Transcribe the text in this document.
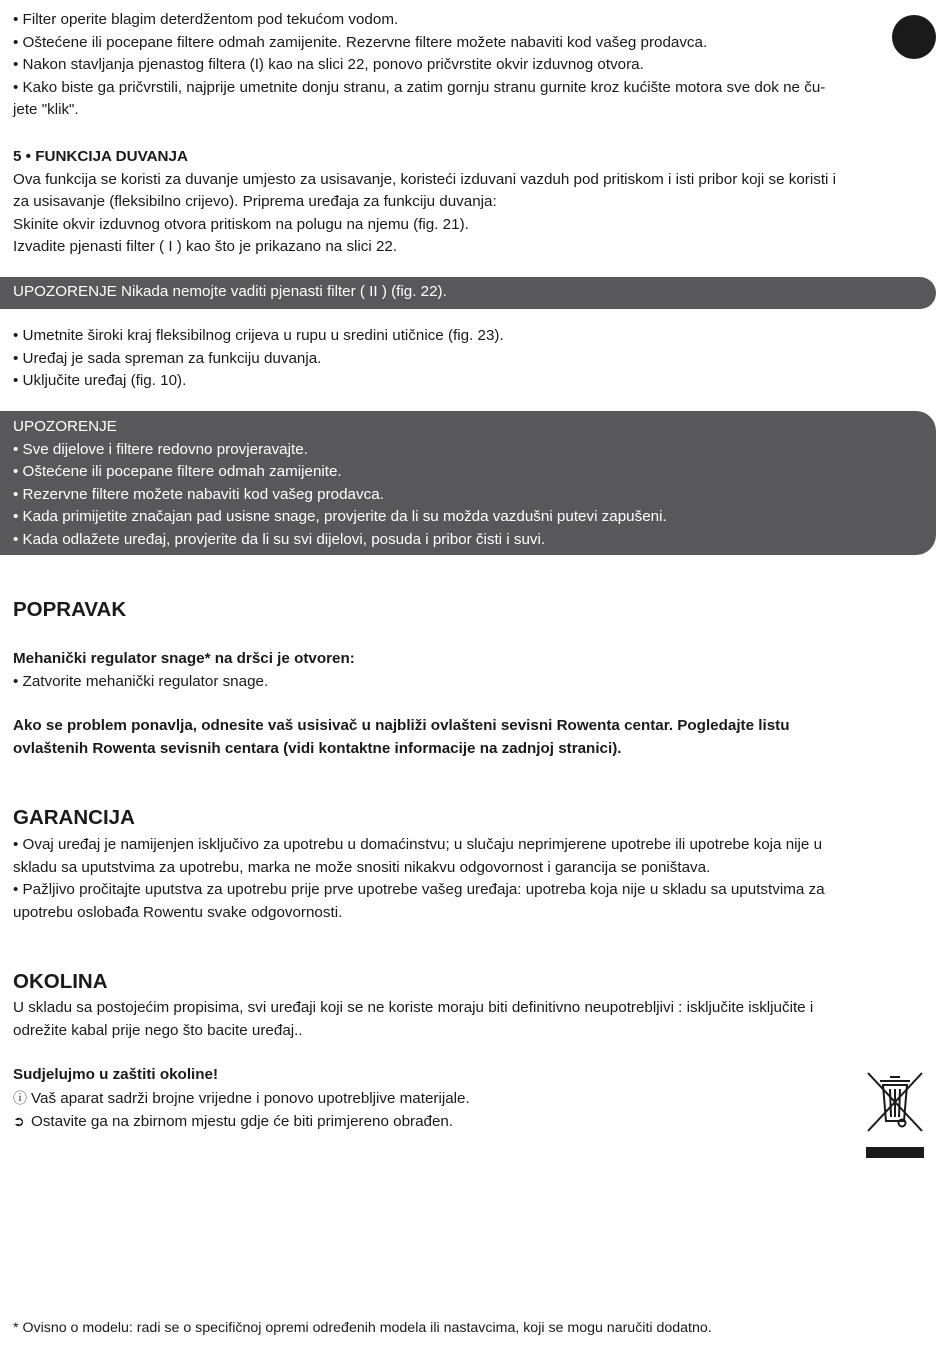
• Filter operite blagim deterdžentom pod tekućom vodom.
• Oštećene ili pocepane filtere odmah zamijenite. Rezervne filtere možete nabaviti kod vašeg prodavca.
• Nakon stavljanja pjenastog filtera (I) kao na slici 22, ponovo pričvrstite okvir izduvnog otvora.
• Kako biste ga pričvrstili, najprije umetnite donju stranu, a zatim gornju stranu gurnite kroz kućište motora sve dok ne ču-
jete "klik".
5 • FUNKCIJA DUVANJA
Ova funkcija se koristi za duvanje umjesto za usisavanje, koristeći izduvani vazduh pod pritiskom i isti pribor koji se koristi i
za usisavanje (fleksibilno crijevo). Priprema uređaja za funkciju duvanja:
Skinite okvir izduvnog otvora pritiskom na polugu na njemu (fig. 21).
Izvadite pjenasti filter ( I ) kao što je prikazano na slici 22.
UPOZORENJE Nikada nemojte vaditi pjenasti filter ( II ) (fig. 22).
• Umetnite široki kraj fleksibilnog crijeva u rupu u sredini utičnice (fig. 23).
• Uređaj je sada spreman za funkciju duvanja.
• Uključite uređaj (fig. 10).
UPOZORENJE
• Sve dijelove i filtere redovno provjeravajte.
• Oštećene ili pocepane filtere odmah zamijenite.
• Rezervne filtere možete nabaviti kod vašeg prodavca.
• Kada primijetite značajan pad usisne snage, provjerite da li su možda vazdušni putevi zapušeni.
• Kada odlažete uređaj, provjerite da li su svi dijelovi, posuda i pribor čisti i suvi.
POPRAVAK
Mehanički regulator snage* na dršci je otvoren:
• Zatvorite mehanički regulator snage.
Ako se problem ponavlja, odnesite vaš usisivač u najbliži ovlašteni sevisni Rowenta centar. Pogledajte listu
ovlaštenih Rowenta sevisnih centara (vidi kontaktne informacije na zadnjoj stranici).
GARANCIJA
• Ovaj uređaj je namijenjen isključivo za upotrebu u domaćinstvu; u slučaju neprimjerene upotrebe ili upotrebe koja nije u
skladu sa uputstvima za upotrebu, marka ne može snositi nikakvu odgovornost i garancija se poništava.
• Pažljivo pročitajte uputstva za upotrebu prije prve upotrebe vašeg uređaja: upotreba koja nije u skladu sa uputstvima za
upotrebu oslobađa Rowentu svake odgovornosti.
OKOLINA
U skladu sa postojećim propisima, svi uređaji koji se ne koriste moraju biti definitivno neupotrebljivi : isključite isključite i
odrežite kabal prije nego što bacite uređaj..
Sudjelujmo u zaštiti okoline!
ⓘ Vaš aparat sadrži brojne vrijedne i ponovo upotrebljive materijale.
➲ Ostavite ga na zbirnom mjestu gdje će biti primjereno obrađen.
* Ovisno o modelu: radi se o specifičnoj opremi određenih modela ili nastavcima, koji se mogu naručiti dodatno.
